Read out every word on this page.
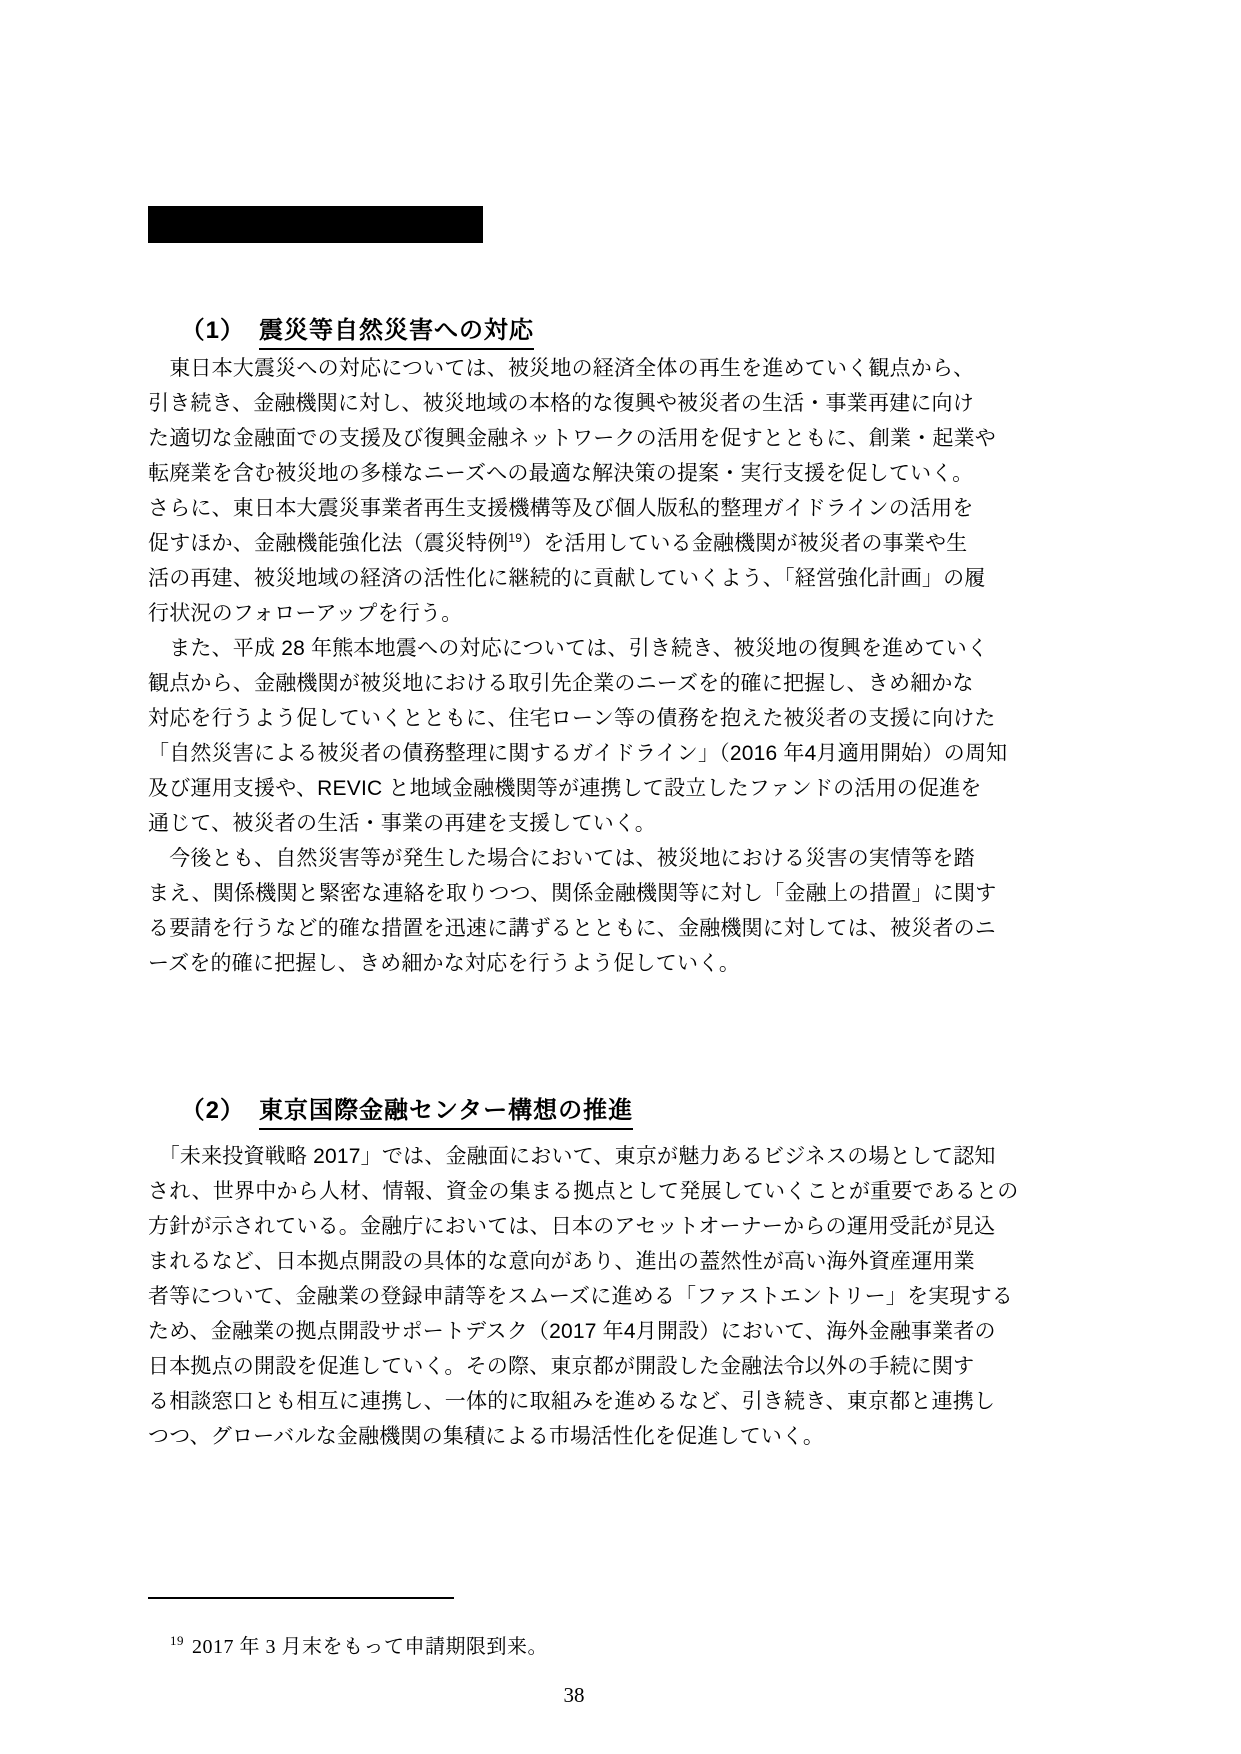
Ⅷ. その他の重点施策

（1） 震災等自然災害への対応

　東日本大震災への対応については、被災地の経済全体の再生を進めていく観点から、
引き続き、金融機関に対し、被災地域の本格的な復興や被災者の生活・事業再建に向け
た適切な金融面での支援及び復興金融ネットワークの活用を促すとともに、創業・起業や
転廃業を含む被災地の多様なニーズへの最適な解決策の提案・実行支援を促していく。
さらに、東日本大震災事業者再生支援機構等及び個人版私的整理ガイドラインの活用を
促すほか、金融機能強化法（震災特例$^{19}$）を活用している金融機関が被災者の事業や生
活の再建、被災地域の経済の活性化に継続的に貢献していくよう、「経営強化計画」の履
行状況のフォローアップを行う。
　また、平成 28 年熊本地震への対応については、引き続き、被災地の復興を進めていく
観点から、金融機関が被災地における取引先企業のニーズを的確に把握し、きめ細かな
対応を行うよう促していくとともに、住宅ローン等の債務を抱えた被災者の支援に向けた
「自然災害による被災者の債務整理に関するガイドライン」（2016 年4月適用開始）の周知
及び運用支援や、REVIC と地域金融機関等が連携して設立したファンドの活用の促進を
通じて、被災者の生活・事業の再建を支援していく。
　今後とも、自然災害等が発生した場合においては、被災地における災害の実情等を踏
まえ、関係機関と緊密な連絡を取りつつ、関係金融機関等に対し「金融上の措置」に関す
る要請を行うなど的確な措置を迅速に講ずるとともに、金融機関に対しては、被災者のニ
ーズを的確に把握し、きめ細かな対応を行うよう促していく。

（2） 東京国際金融センター構想の推進

　「未来投資戦略 2017」では、金融面において、東京が魅力あるビジネスの場として認知
され、世界中から人材、情報、資金の集まる拠点として発展していくことが重要であるとの
方針が示されている。金融庁においては、日本のアセットオーナーからの運用受託が見込
まれるなど、日本拠点開設の具体的な意向があり、進出の蓋然性が高い海外資産運用業
者等について、金融業の登録申請等をスムーズに進める「ファストエントリー」を実現する
ため、金融業の拠点開設サポートデスク（2017 年4月開設）において、海外金融事業者の
日本拠点の開設を促進していく。その際、東京都が開設した金融法令以外の手続に関す
る相談窓口とも相互に連携し、一体的に取組みを進めるなど、引き続き、東京都と連携し
つつ、グローバルな金融機関の集積による市場活性化を促進していく。

$^{19}$ 2017 年 3 月末をもって申請期限到来。

38
